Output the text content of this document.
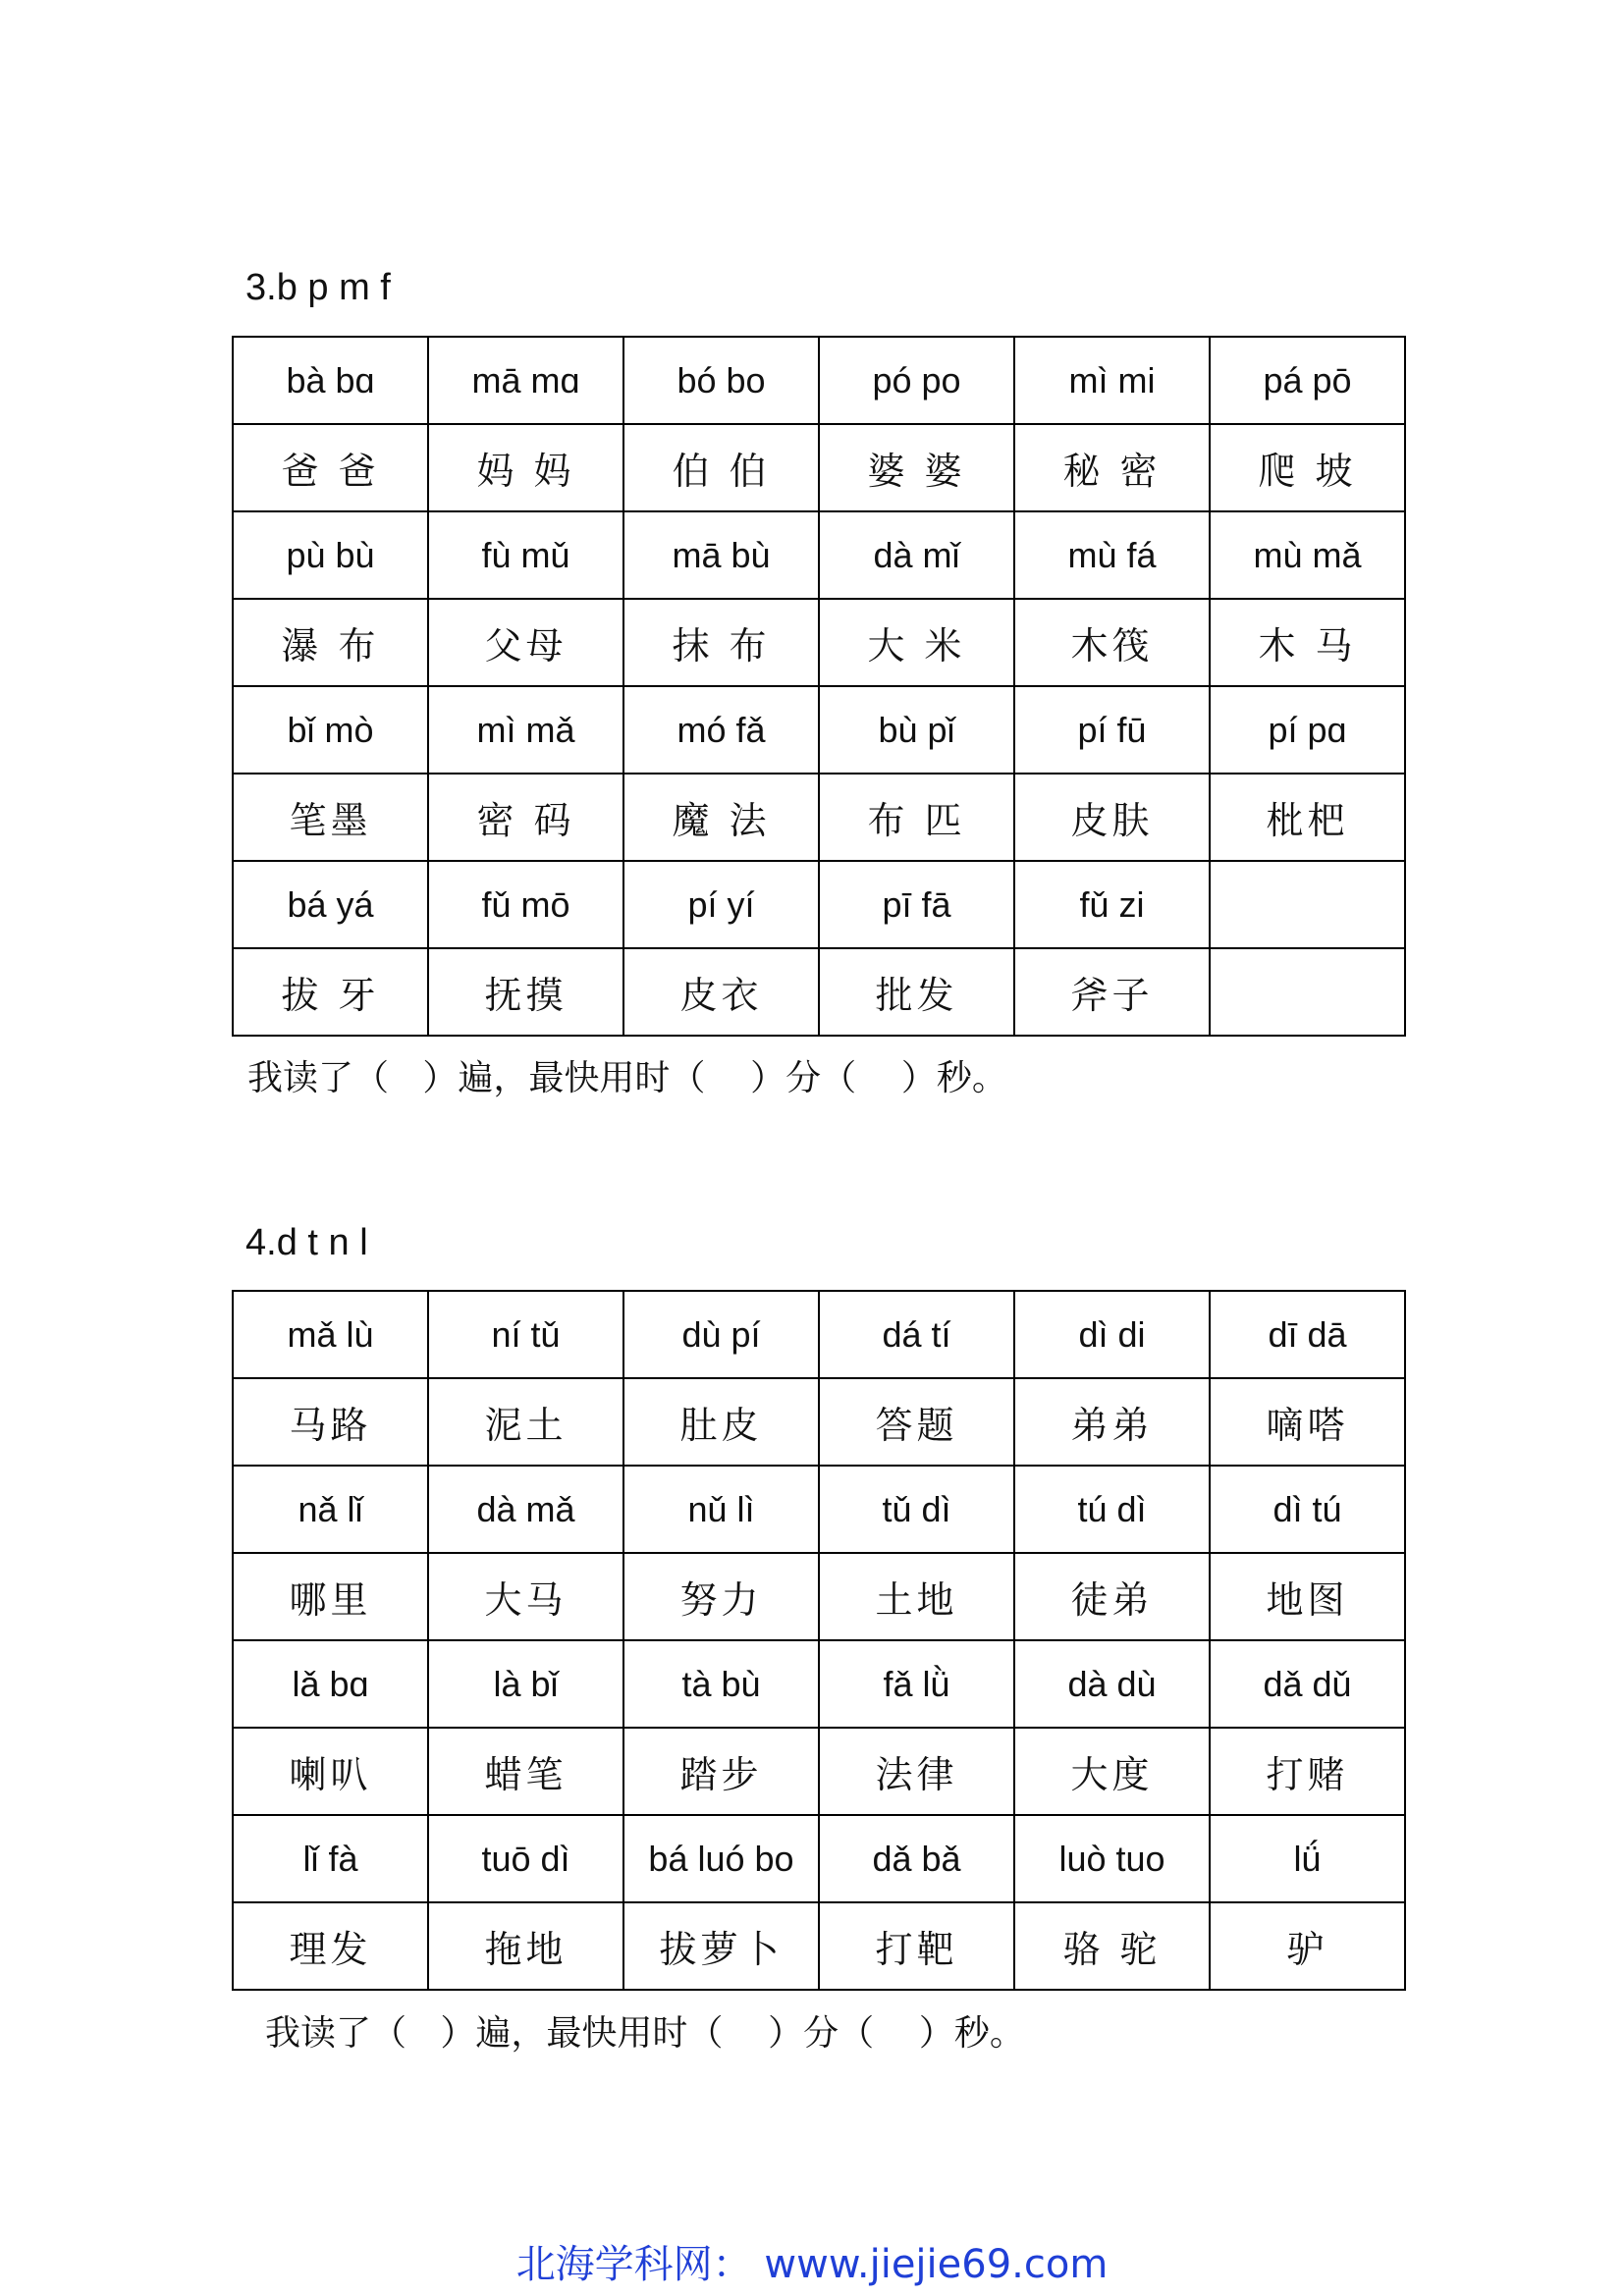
3.b p m f
bà bɑ	mā mɑ	bó bo	pó po	mì mi	pá pō
爸 爸	妈 妈	伯 伯	婆 婆	秘 密	爬 坡
pù bù	fù mǔ	mā bù	dà mǐ	mù fá	mù mǎ
瀑 布	父母	抹 布	大 米	木筏	木 马
bǐ mò	mì mǎ	mó fǎ	bù pǐ	pí fū	pí pɑ
笔墨	密 码	魔 法	布 匹	皮肤	枇杷
bá yá	fǔ mō	pí yí	pī fā	fǔ zi	
拔 牙	抚摸	皮衣	批发	斧子	
我读了（   ）遍，最快用时（    ）分（    ）秒。
4.d t n l
mǎ lù	ní tǔ	dù pí	dá tí	dì di	dī dā
马路	泥土	肚皮	答题	弟弟	嘀嗒
nǎ lǐ	dà mǎ	nǔ lì	tǔ dì	tú dì	dì tú
哪里	大马	努力	土地	徒弟	地图
lǎ bɑ	là bǐ	tà bù	fǎ lǜ	dà dù	dǎ dǔ
喇叭	蜡笔	踏步	法律	大度	打赌
lǐ fà	tuō dì	bá luó bo	dǎ bǎ	luò tuo	lǘ
理发	拖地	拔萝卜	打靶	骆 驼	驴
我读了（   ）遍，最快用时（    ）分（    ）秒。
北海学科网： www.jiejie69.com
